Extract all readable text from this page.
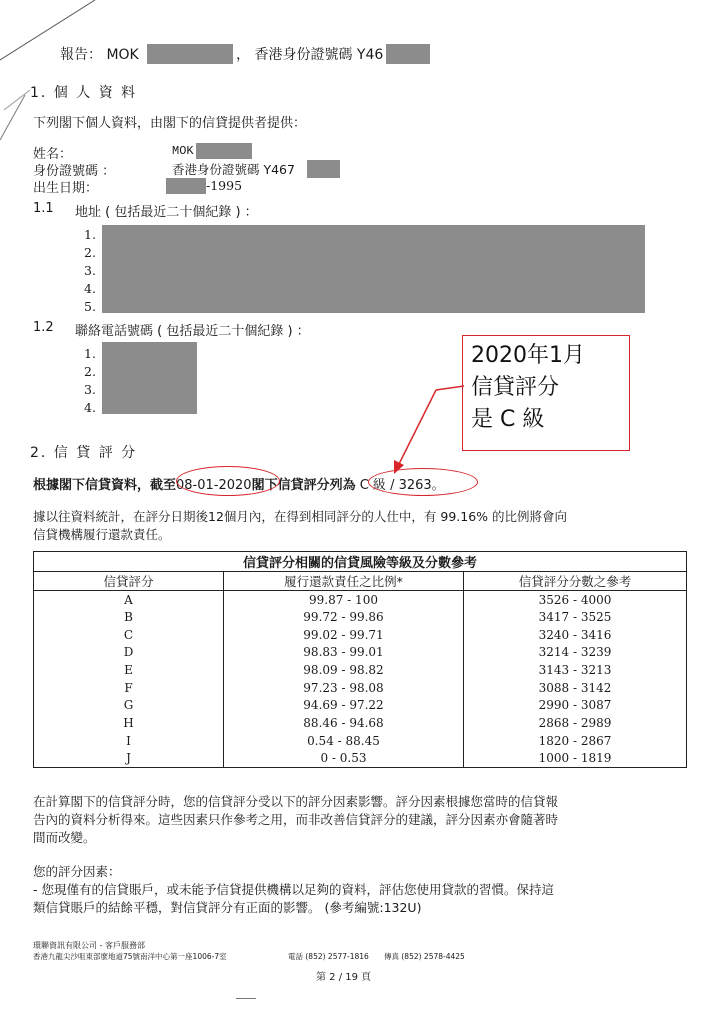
報告： MOK	， 香港身份證號碼 Y46
1. 個 人 資 料
下列閣下個人資料，由閣下的信貸提供者提供：
姓名：	MOK
身份證號碼 ：	香港身份證號碼 Y467
出生日期：	-1995
1.1 地址 ( 包括最近二十個紀錄 ) ：
1.
2.
3.
4.
5.
1.2 聯絡電話號碼 ( 包括最近二十個紀錄 ) ：
1.
2.
3.
4.
2020年1月
信貸評分
是 C 級
2. 信 貸 評 分
根據閣下信貸資料，截至08-01-2020閣下信貸評分列為 C 級 / 3263。
據以往資料統計，在評分日期後12個月內，在得到相同評分的人仕中，有 99.16% 的比例將會向
信貸機構履行還款責任。
信貸評分相關的信貸風險等級及分數參考		
信貸評分	履行還款責任之比例*	信貸評分分數之參考
A	99.87 - 100	3526 - 4000
B	99.72 - 99.86	3417 - 3525
C	99.02 - 99.71	3240 - 3416
D	98.83 - 99.01	3214 - 3239
E	98.09 - 98.82	3143 - 3213
F	97.23 - 98.08	3088 - 3142
G	94.69 - 97.22	2990 - 3087
H	88.46 - 94.68	2868 - 2989
I	0.54 - 88.45	1820 - 2867
J	0 - 0.53	1000 - 1819
在計算閣下的信貸評分時，您的信貸評分受以下的評分因素影響。評分因素根據您當時的信貸報
告內的資料分析得來。這些因素只作參考之用，而非改善信貸評分的建議，評分因素亦會隨著時
間而改變。
您的評分因素：
- 您現僅有的信貸賬戶，或未能予信貸提供機構以足夠的資料，評估您使用貸款的習慣。保持這
類信貸賬戶的結餘平穩，對信貸評分有正面的影響。 (參考編號:132U)
環聯資訊有限公司 - 客戶服務部
香港九龍尖沙咀東部麼地道75號南洋中心第一座1006-7室	電話 (852) 2577-1816 傳真 (852) 2578-4425
第 2 / 19 頁
